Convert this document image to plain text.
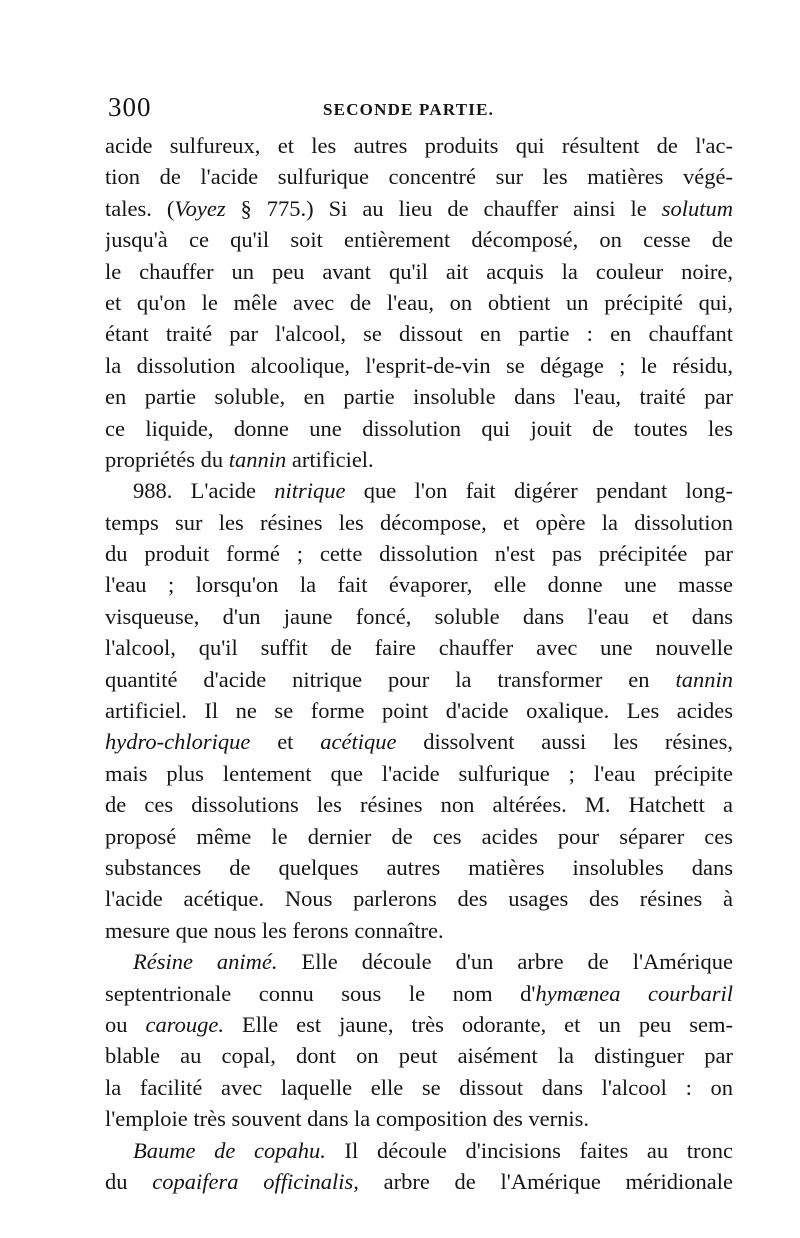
300	SECONDE PARTIE.
acide sulfureux, et les autres produits qui résultent de l'ac-
tion de l'acide sulfurique concentré sur les matières végé-
tales. (Voyez § 775.) Si au lieu de chauffer ainsi le solutum
jusqu'à ce qu'il soit entièrement décomposé, on cesse de
le chauffer un peu avant qu'il ait acquis la couleur noire,
et qu'on le mêle avec de l'eau, on obtient un précipité qui,
étant traité par l'alcool, se dissout en partie : en chauffant
la dissolution alcoolique, l'esprit-de-vin se dégage ; le résidu,
en partie soluble, en partie insoluble dans l'eau, traité par
ce liquide, donne une dissolution qui jouit de toutes les
propriétés du tannin artificiel.
988. L'acide nitrique que l'on fait digérer pendant long-
temps sur les résines les décompose, et opère la dissolution
du produit formé ; cette dissolution n'est pas précipitée par
l'eau ; lorsqu'on la fait évaporer, elle donne une masse
visqueuse, d'un jaune foncé, soluble dans l'eau et dans
l'alcool, qu'il suffit de faire chauffer avec une nouvelle
quantité d'acide nitrique pour la transformer en tannin
artificiel. Il ne se forme point d'acide oxalique. Les acides
hydro-chlorique et acétique dissolvent aussi les résines,
mais plus lentement que l'acide sulfurique ; l'eau précipite
de ces dissolutions les résines non altérées. M. Hatchett a
proposé même le dernier de ces acides pour séparer ces
substances de quelques autres matières insolubles dans
l'acide acétique. Nous parlerons des usages des résines à
mesure que nous les ferons connaître.
Résine animé. Elle découle d'un arbre de l'Amérique
septentrionale connu sous le nom d'hymænea courbaril
ou carouge. Elle est jaune, très odorante, et un peu sem-
blable au copal, dont on peut aisément la distinguer par
la facilité avec laquelle elle se dissout dans l'alcool : on
l'emploie très souvent dans la composition des vernis.
Baume de copahu. Il découle d'incisions faites au tronc
du copaifera officinalis, arbre de l'Amérique méridionale
